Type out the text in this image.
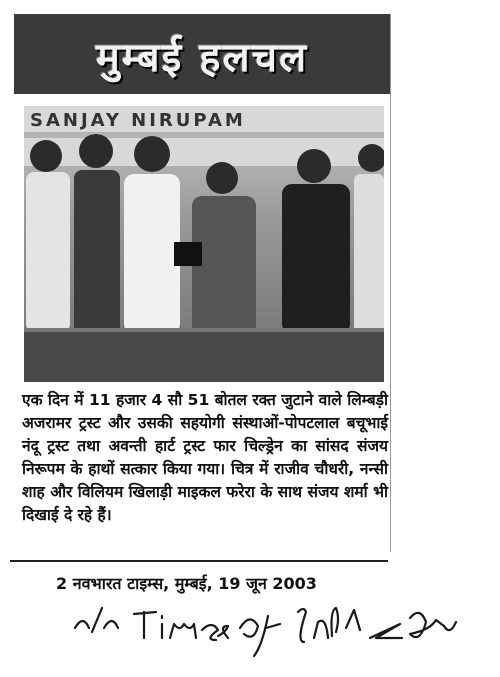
मुम्बई हलचल
SANJAY NIRUPAM
एक दिन में 11 हजार 4 सौ 51 बोतल रक्त जुटाने वाले लिम्बड़ी अजरामर ट्रस्ट और उसकी सहयोगी संस्थाओं-पोपटलाल बचूभाई नंदू ट्रस्ट तथा अवन्ती हार्ट ट्रस्ट फार चिल्ड्रेन का सांसद संजय निरूपम के हाथों सत्कार किया गया। चित्र में राजीव चौधरी, नन्सी शाह और विलियम खिलाड़ी माइकल फरेरा के साथ संजय शर्मा भी दिखाई दे रहे हैं।
2 नवभारत टाइम्स, मुम्बई, 19 जून 2003
